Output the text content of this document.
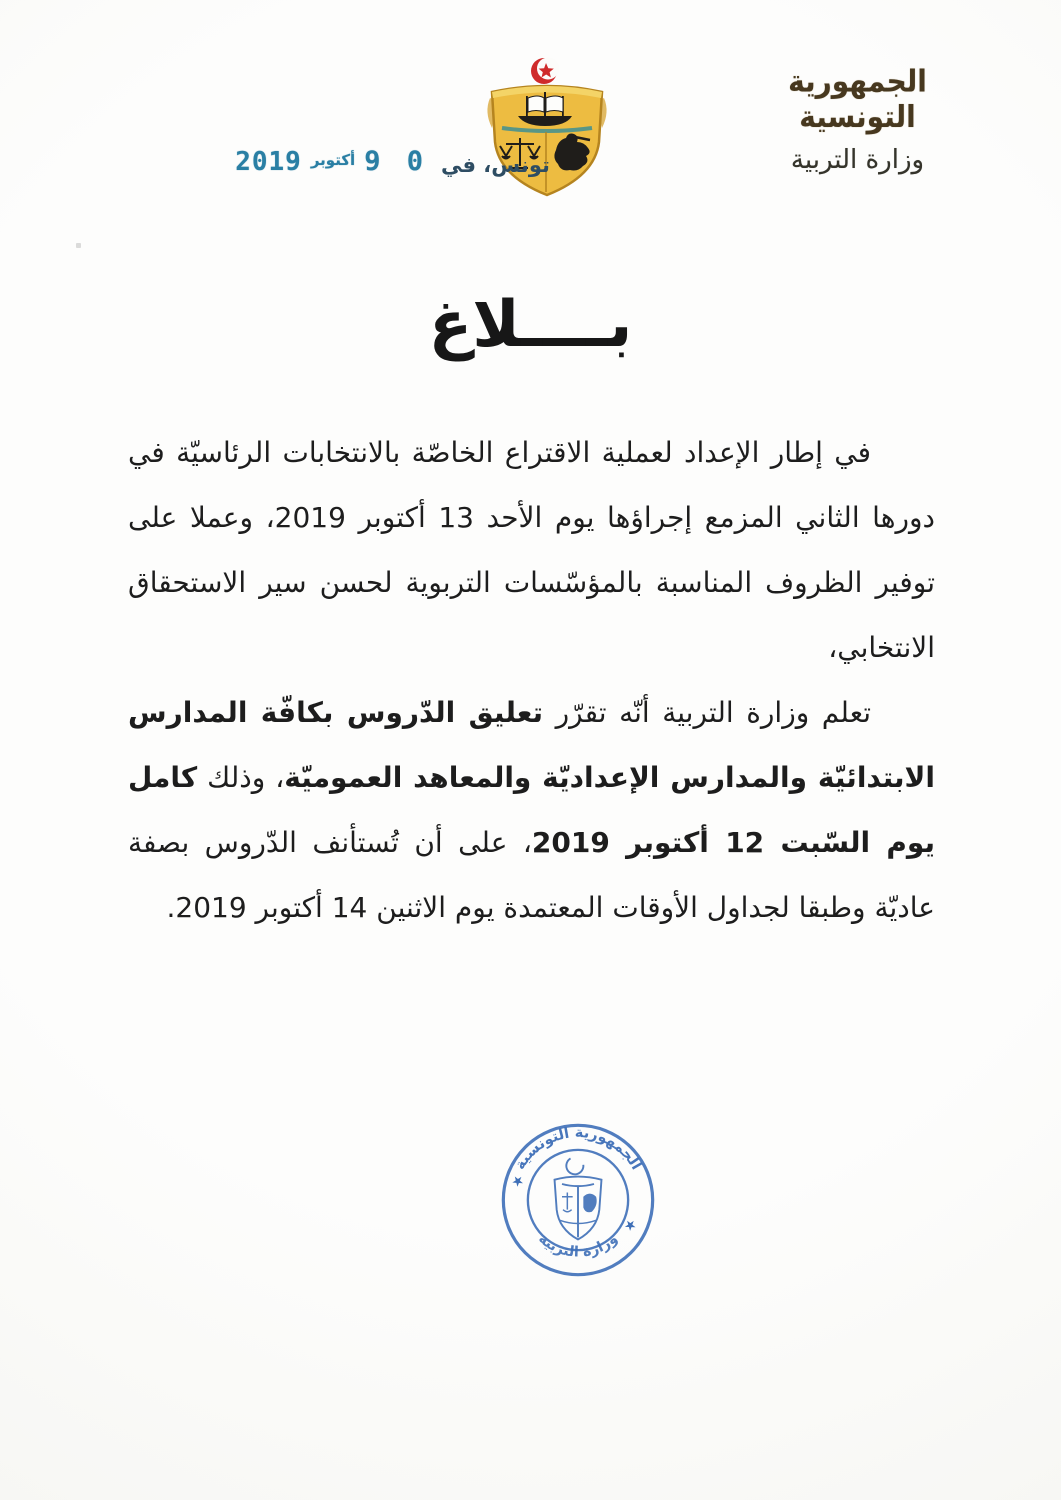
الجمهورية التونسية
وزارة التربية
تونس، في
0 9
أكتوبر
2019
بــــلاغ

في إطار الإعداد لعملية الاقتراع الخاصّة بالانتخابات الرئاسيّة في دورها الثاني المزمع إجراؤها يوم الأحد 13 أكتوبر 2019، وعملا على توفير الظروف المناسبة بالمؤسّسات التربوية لحسن سير الاستحقاق الانتخابي،

تعلم وزارة التربية أنّه تقرّر تعليق الدّروس بكافّة المدارس الابتدائيّة والمدارس الإعداديّة والمعاهد العموميّة، وذلك كامل يوم السّبت 12 أكتوبر 2019، على أن تُستأنف الدّروس بصفة عاديّة وطبقا لجداول الأوقات المعتمدة يوم الاثنين 14 أكتوبر 2019.

الجمهورية التونسية
وزارة التربية
★
★
